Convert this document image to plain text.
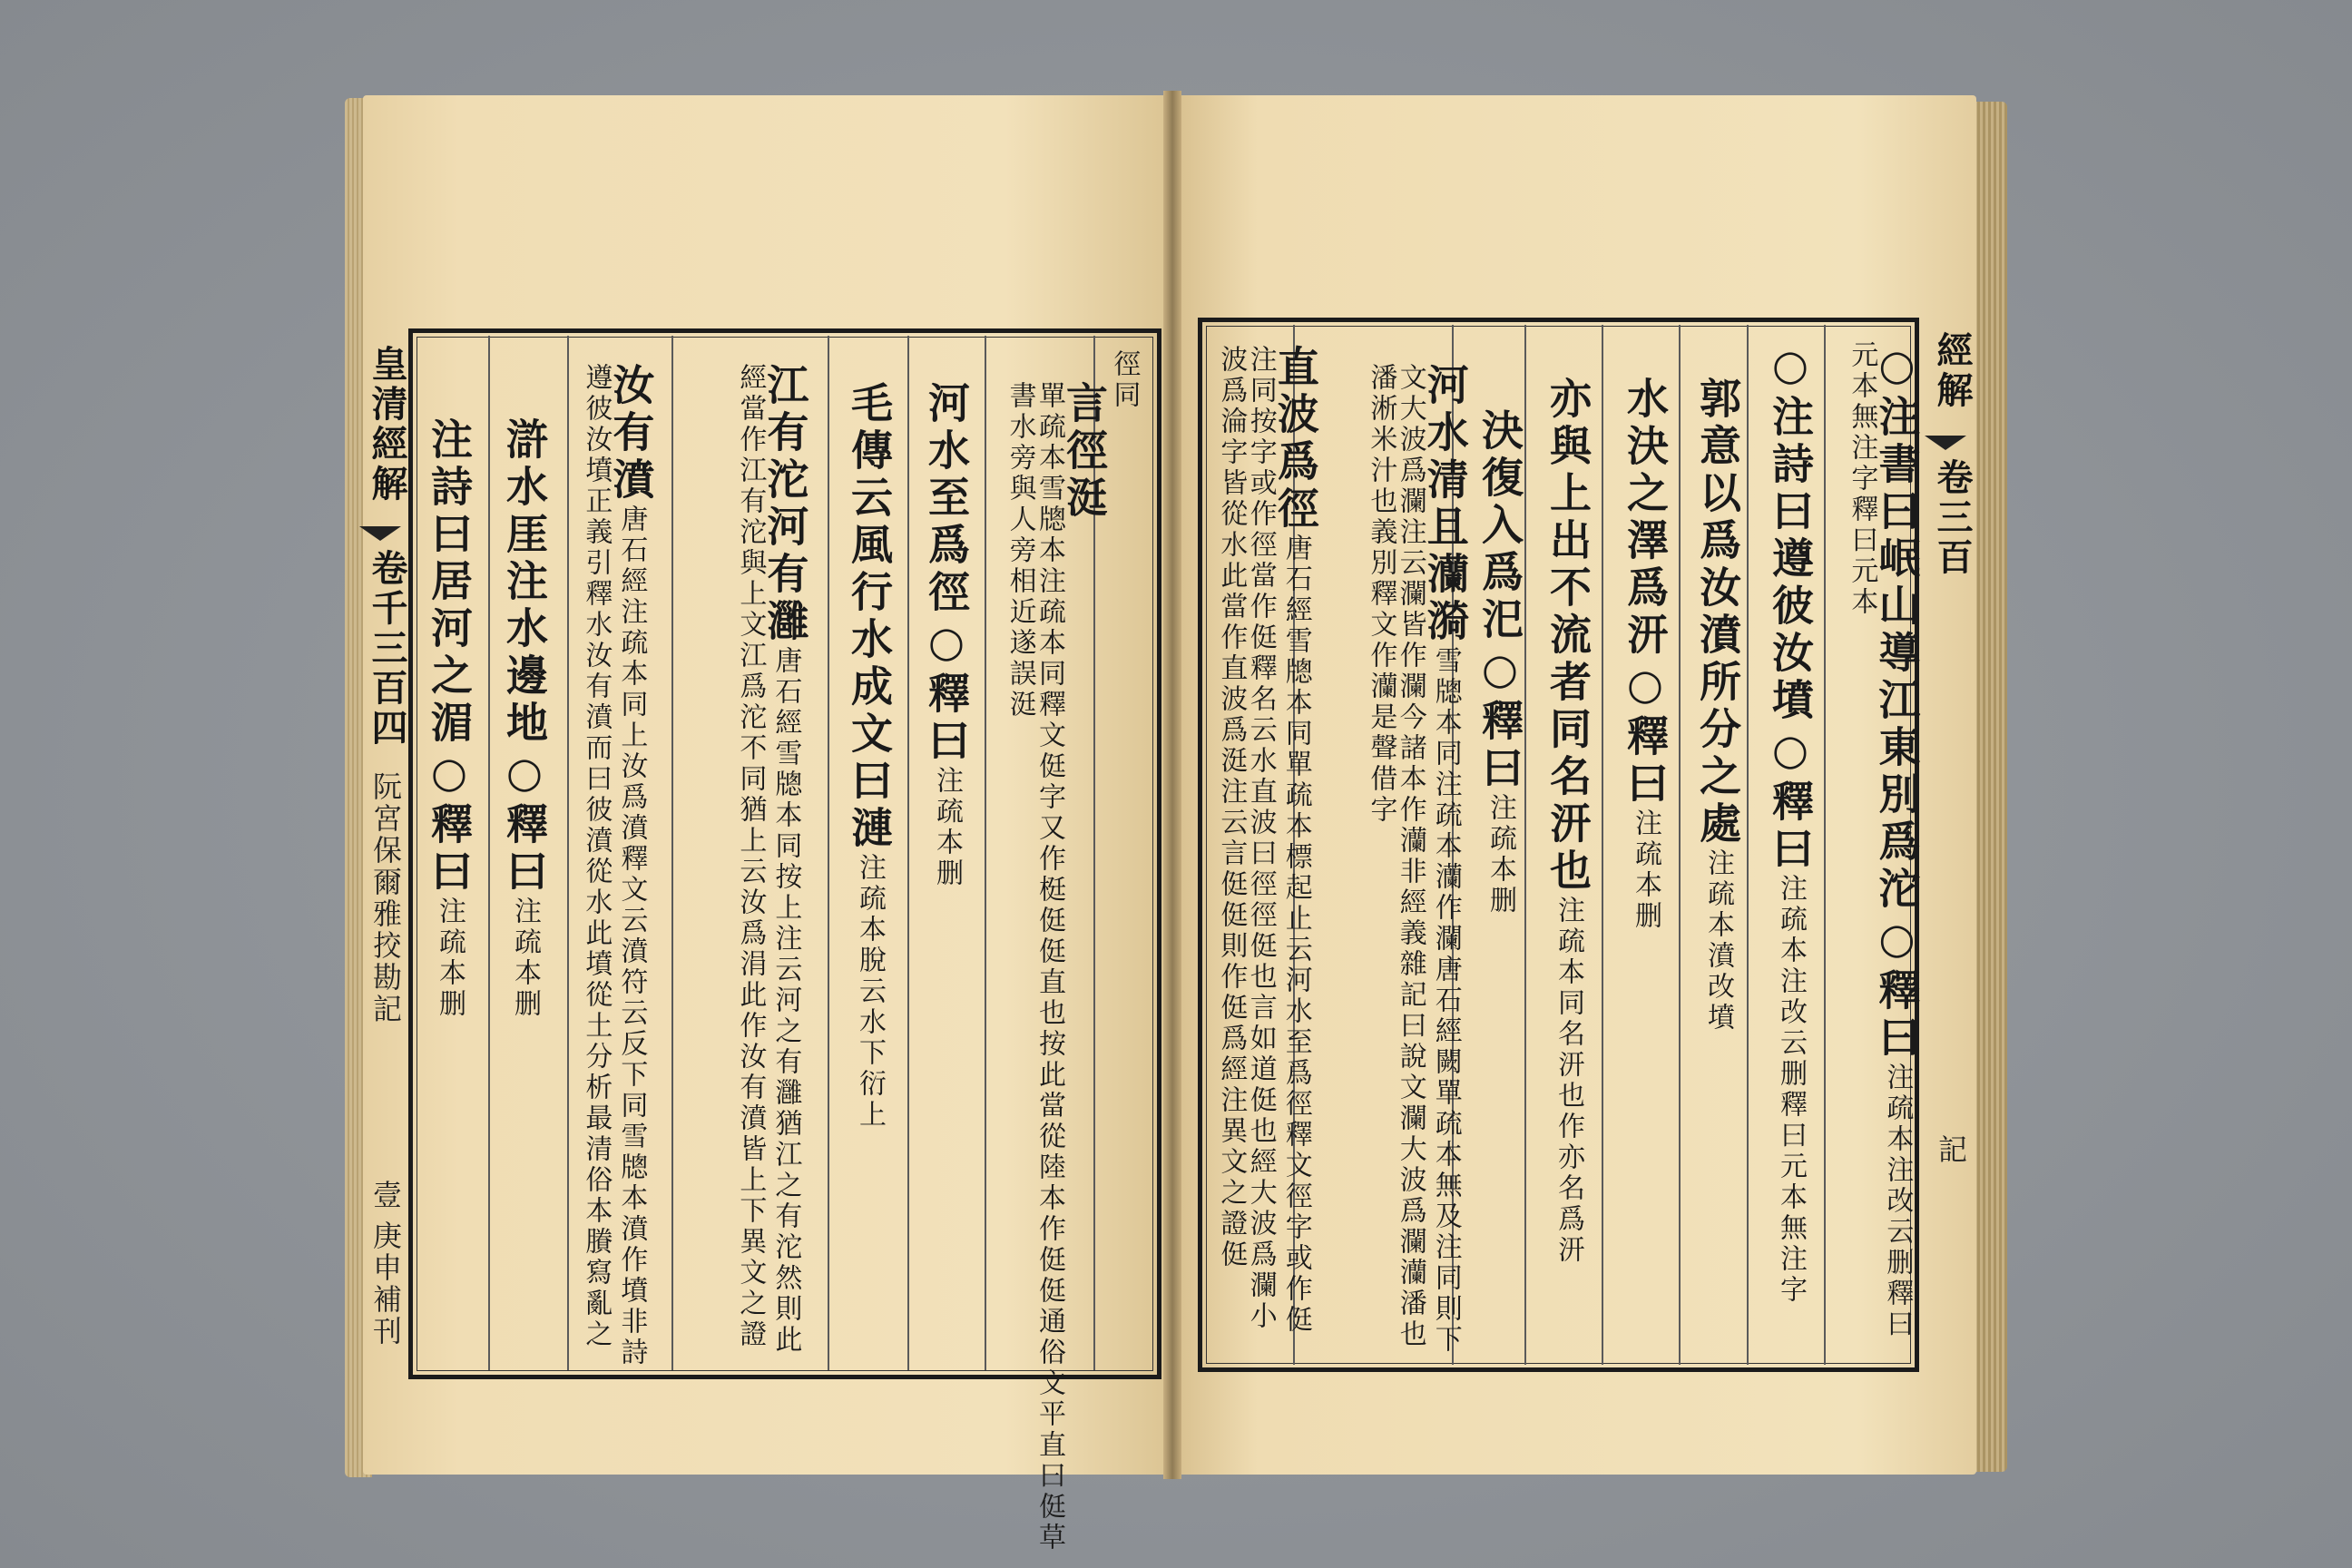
徑同
言徑涏單疏本雪牕本注疏本同釋文侹字又作梃侹侹直也按此當從陸本作侹侹通俗文平直曰侹草書水旁與人旁相近遂誤涏
河水至爲徑○釋曰注疏本删
毛傳云風行水成文曰漣注疏本脫云水下衍上
江有沱河有灉唐石經雪牕本同按上注云河之有灉猶江之有沱然則此經當作江有沱與上文江爲沱不同猶上云汝爲涓此作汝有濆皆上下異文之證
汝有濆唐石經注疏本同上汝爲濆釋文云濆符云反下同雪牕本濆作墳非詩遵彼汝墳正義引釋水汝有濆而曰彼濆從水此墳從土分析最清俗本賸寫亂之
滸水厓注水邊地○釋曰注疏本删
注詩曰居河之湄○釋曰注疏本删
皇清經解
卷千三百四
阮宮保爾雅挍勘記
壹
庚申補刊
○注書曰岷山導江東別爲沱○釋曰注疏本注改云删釋曰元本無注字釋曰元本
○注詩曰遵彼汝墳○釋曰注疏本注改云删釋曰元本無注字
郭意以爲汝濆所分之處注疏本濆改墳
水決之澤爲汧○釋曰注疏本删
亦與上出不流者同名汧也注疏本同名汧也作亦名爲汧
決復入爲汜○釋曰注疏本删
河水清且灡漪雪牕本同注疏本灡作瀾唐石經闕單疏本無及注同則下文大波爲瀾注云瀾皆作瀾今諸本作灡非經義雜記曰說文瀾大波爲瀾灡潘也潘淅米汁也義別釋文作灡是聲借字
直波爲徑唐石經雪牕本同單疏本標起止云河水至爲徑釋文徑字或作侹注同按字或作徑當作侹釋名云水直波曰徑徑侹也言如道侹也經大波爲瀾小波爲淪字皆從水此當作直波爲涏注云言侹侹則作侹爲經注異文之證侹	經解
卷三百
記
